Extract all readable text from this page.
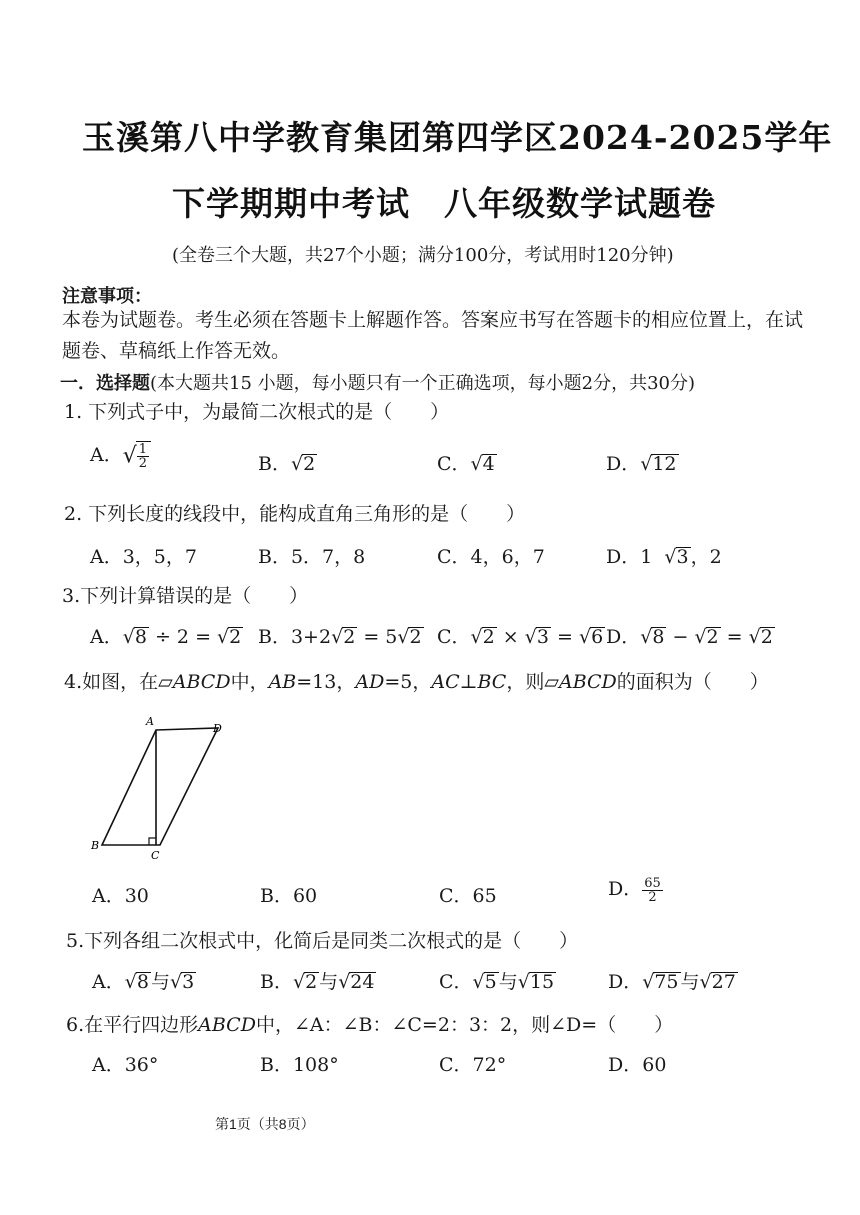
玉溪第八中学教育集团第四学区2024-2025学年
下学期期中考试 八年级数学试题卷
(全卷三个大题，共27个小题；满分100分，考试用时120分钟)
注意事项：
本卷为试题卷。考生必须在答题卡上解题作答。答案应书写在答题卡的相应位置上，在试题卷、草稿纸上作答无效。
一．选择题(本大题共15 小题，每小题只有一个正确选项，每小题2分，共30分)
1. 下列式子中，为最简二次根式的是（　　）
A．√ $\frac{1}{2}$	B．√2	C．√4	D．√12
2. 下列长度的线段中，能构成直角三角形的是（　　）
A．3，5，7	B．5．7，8	C．4，6，7	D．1  √3 ，2
3.下列计算错误的是（　　）
A．√8 ÷ 2 = √2 B．3+2√2 = 5√2 C．√2 × √3 = √6 D．√8 − √2 = √2
4.如图，在▱ABCD中，AB=13，AD=5，AC⊥BC，则▱ABCD的面积为（　　）
A
D
B
C
A．30	B．60	C．65	D． $\frac{65}{2}$
5.下列各组二次根式中，化简后是同类二次根式的是（　　）
A．√8 与√3	B．√2 与√24	C．√5 与√15	D．√75 与√27
6.在平行四边形ABCD中，∠A：∠B：∠C=2：3：2，则∠D=（　　）
A．36°	B．108°	C．72°	D．60
第1页（共8页）
